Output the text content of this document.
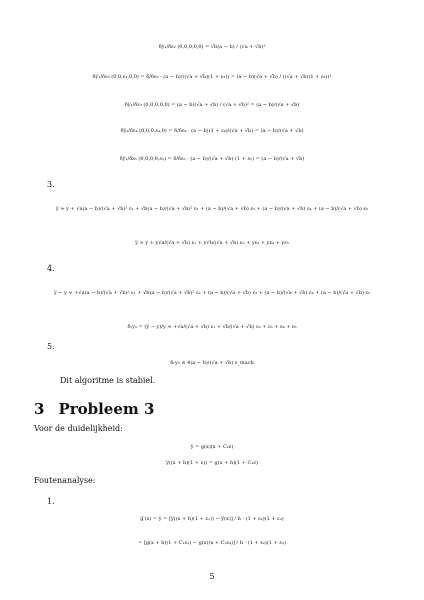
δy̅₁/δε₂ (0,0,0,0,0) = √b(a − b) / (√a + √b)²
δy̅₁/δε₃ (0,0,ε₃,0,0) = δ/δε₃ · (a − b)/((√a + √b)(1 + ε₃)) = (a − b)(√a + √b) / ((√a + √b)(1 + ε₃))²
δy̅₁/δε₃ (0,0,0,0,0) = (a − b)(√a + √b) / (√a + √b)² = (a − b)/(√a + √b)
δy̅₁/δε₄ (0,0,0,ε₄,0) = δ/δε₄ · (a − b)(1 + ε₄)/(√a + √b) = (a − b)/(√a + √b)
δy̅₁/δε₅ (0,0,0,0,ε₅) = δ/δε₅ · (a − b)/(√a + √b) (1 + ε₅) = (a − b)/(√a + √b)
3.
y̅ ≈ y + √a(a − b)/(√a + √b)² ε₁ + √b(a − b)/(√a + √b)² ε₂ + (a − b)/(√a + √b) ε₃ + (a − b)/(√a + √b) ε₄ + (a − b)/(√a + √b) ε₅
y̅ ≈ y + y√a/(√a + √b) ε₁ + y√b/(√a + √b) ε₂ + yε₃ + yε₄ + yε₅
4.
y̅ − y ≈ +√a(a − b)/(√a + √b)² ε₁ + √b(a − b)/(√a + √b)² ε₂ + (a − b)/(√a + √b) ε₃ + (a − b)/(√a + √b) ε₄ + (a − b)/(√a + √b) ε₅
δᵣy₂ = (y̅ − y)/y ≈ +√a/(√a + √b) ε₁ + √b/(√a + √b) ε₂ + ε₃ + ε₄ + ε₅
5.
δᵣy₂ ≤ 4(a − b)/(√a + √b) ε_mach
Dit algoritme is stabiel.
3 Probleem 3
Voor de duidelijkheid:
y̅ = g(x)(x + C₂ε)
y̅((x + h)(1 + ε)) = g(x + h)(1 + C₁ε)
Foutenanalyse:
1.
g̅′(x) = y̅ = [y̅((x + h)(1 + ε₁)) − y̅(x)] / h · (1 + ε₂)(1 + ε₃)
= [g(x + h)(1 + C₁ε₁) − g(x)(x + C₂ε₄)] / h · (1 + ε₂)(1 + ε₃)
5
